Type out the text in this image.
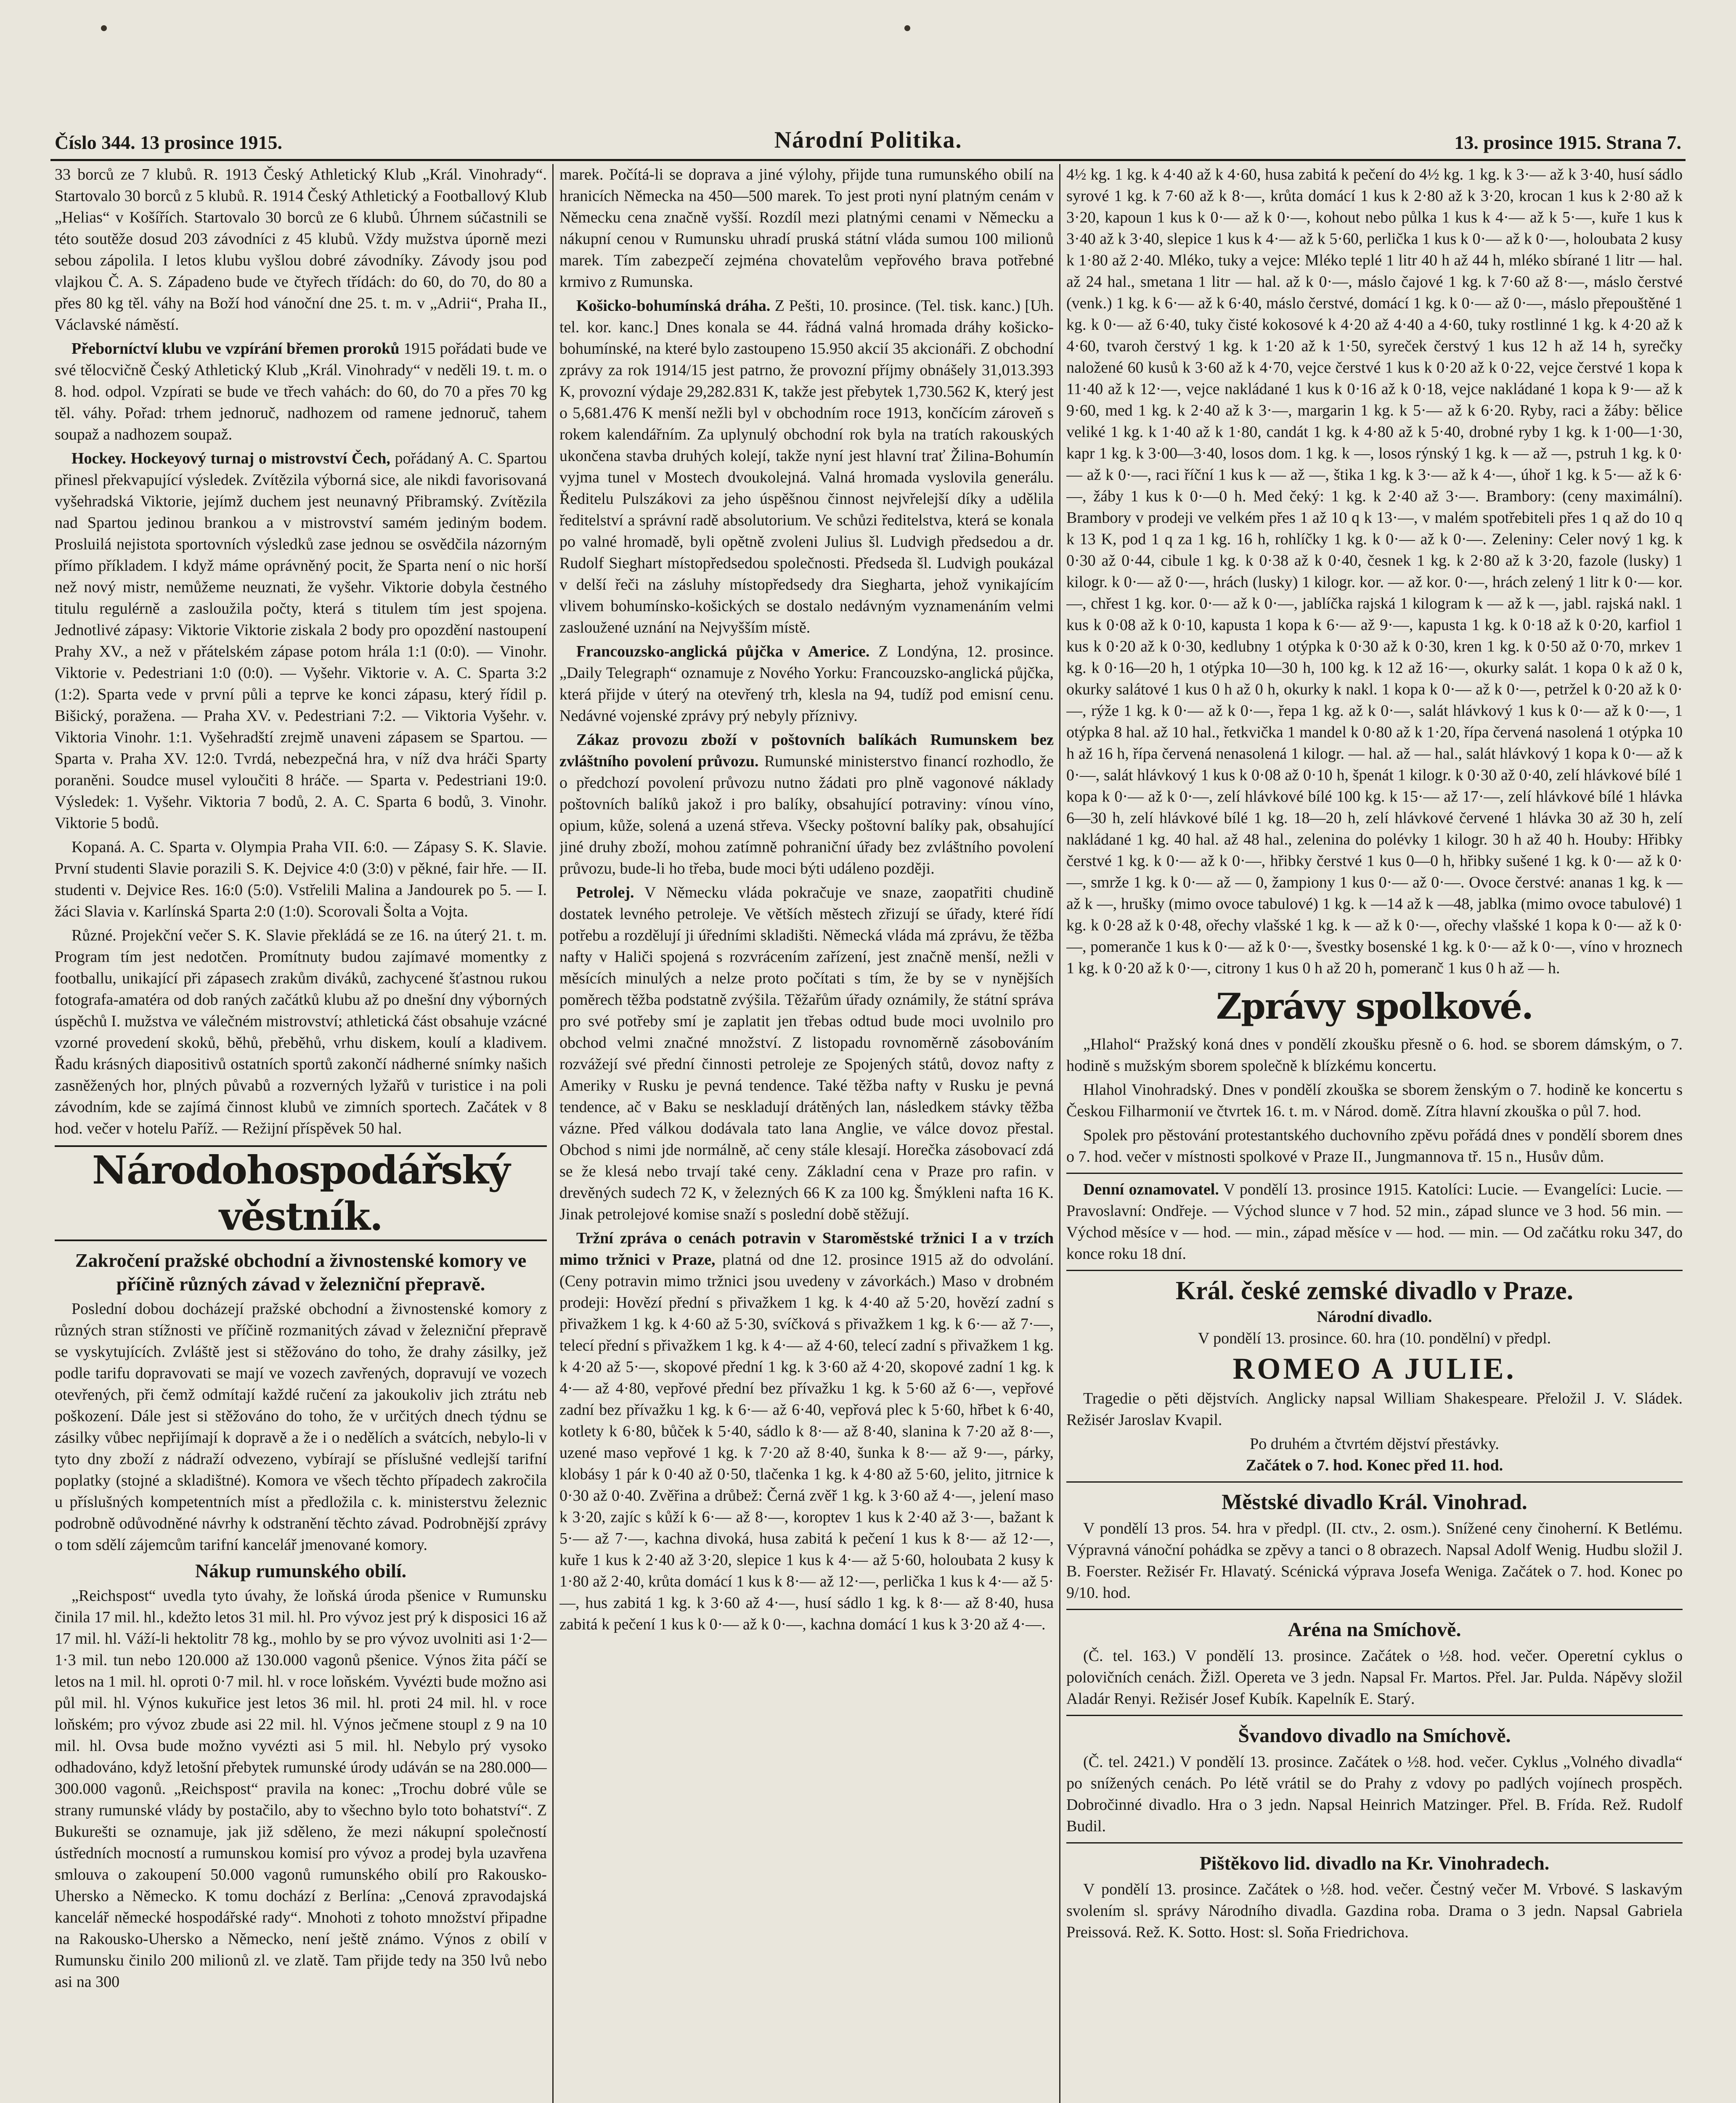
Číslo 344. 13 prosince 1915.	Národní Politika.	13. prosince 1915. Strana 7.

33 borců ze 7 klubů. R. 1913 Český Athletický Klub „Král. Vinohrady“. Startovalo 30 borců z 5 klubů. R. 1914 Český Athletický a Footballový Klub „Helias“ v Košířích. Startovalo 30 borců ze 6 klubů. Úhrnem súčastnili se této soutěže dosud 203 závodníci z 45 klubů. Vždy mužstva úporně mezi sebou zápolila. I letos klubu vyšlou dobré závodníky. Závody jsou pod vlajkou Č. A. S. Západeno bude ve čtyřech třídách: do 60, do 70, do 80 a přes 80 kg těl. váhy na Boží hod vánoční dne 25. t. m. v „Adrii“, Praha II., Václavské náměstí.

Přeborníctví klubu ve vzpírání břemen proroků 1915 pořádati bude ve své tělocvičně Český Athletický Klub „Král. Vinohrady“ v neděli 19. t. m. o 8. hod. odpol. Vzpírati se bude ve třech vahách: do 60, do 70 a přes 70 kg těl. váhy. Pořad: trhem jednoruč, nadhozem od ramene jednoruč, tahem soupaž a nadhozem soupaž.

Hockey. Hockeyový turnaj o mistrovství Čech, pořádaný A. C. Spartou přinesl překvapující výsledek. Zvítězila výborná sice, ale nikdi favorisovaná vyšehradská Viktorie, jejímž duchem jest neunavný Přibramský. Zvítězila nad Spartou jedinou brankou a v mistrovství samém jediným bodem. Prosluilá nejistota sportovních výsledků zase jednou se osvědčila názorným přímo příkladem. I když máme oprávněný pocit, že Sparta není o nic horší než nový mistr, nemůžeme neuznati, že vyšehr. Viktorie dobyla čestného titulu regulérně a zasloužila počty, která s titulem tím jest spojena. Jednotlivé zápasy: Viktorie Viktorie ziskala 2 body pro opozdění nastoupení Prahy XV., a než v přátelském zápase potom hrála 1:1 (0:0). — Vinohr. Viktorie v. Pedestriani 1:0 (0:0). — Vyšehr. Viktorie v. A. C. Sparta 3:2 (1:2). Sparta vede v první půli a teprve ke konci zápasu, který řídil p. Bišický, poražena. — Praha XV. v. Pedestriani 7:2. — Viktoria Vyšehr. v. Viktoria Vinohr. 1:1. Vyšehradští zrejmě unaveni zápasem se Spartou. — Sparta v. Praha XV. 12:0. Tvrdá, nebezpečná hra, v níž dva hráči Sparty poraněni. Soudce musel vyloučiti 8 hráče. — Sparta v. Pedestriani 19:0. Výsledek: 1. Vyšehr. Viktoria 7 bodů, 2. A. C. Sparta 6 bodů, 3. Vinohr. Viktorie 5 bodů.

Kopaná. A. C. Sparta v. Olympia Praha VII. 6:0. — Zápasy S. K. Slavie. První studenti Slavie porazili S. K. Dejvice 4:0 (3:0) v pěkné, fair hře. — II. studenti v. Dejvice Res. 16:0 (5:0). Vstřelili Malina a Jandourek po 5. — I. žáci Slavia v. Karlínská Sparta 2:0 (1:0). Scorovali Šolta a Vojta.

Různé. Projekční večer S. K. Slavie překládá se ze 16. na úterý 21. t. m. Program tím jest nedotčen. Promítnuty budou zajímavé momentky z footballu, unikající při zápasech zrakům diváků, zachycené šťastnou rukou fotografa-amatéra od dob raných začátků klubu až po dnešní dny výborných úspěchů I. mužstva ve válečném mistrovství; athletická část obsahuje vzácné vzorné provedení skoků, běhů, přeběhů, vrhu diskem, koulí a kladivem. Řadu krásných diapositivů ostatních sportů zakončí nádherné snímky našich zasněžených hor, plných půvabů a rozverných lyžařů v turistice i na poli závodním, kde se zajímá činnost klubů ve zimních sportech. Začátek v 8 hod. večer v hotelu Paříž. — Režijní příspěvek 50 hal.

Národohospodářský věstník.

Zakročení pražské obchodní a živnostenské komory ve příčině různých závad v železniční přepravě.

Poslední dobou docházejí pražské obchodní a živnostenské komory z různých stran stížnosti ve příčině rozmanitých závad v železniční přepravě se vyskytujících. Zvláště jest si stěžováno do toho, že drahy zásilky, jež podle tarifu dopravovati se mají ve vozech zavřených, dopravují ve vozech otevřených, při čemž odmítají každé ručení za jakoukoliv jich ztrátu neb poškození. Dále jest si stěžováno do toho, že v určitých dnech týdnu se zásilky vůbec nepřijímají k dopravě a že i o nedělích a svátcích, nebylo-li v tyto dny zboží z nádraží odvezeno, vybírají se příslušné vedlejší tarifní poplatky (stojné a skladištné). Komora ve všech těchto případech zakročila u příslušných kompetentních míst a předložila c. k. ministerstvu železnic podrobně odůvodněné návrhy k odstranění těchto závad. Podrobnější zprávy o tom sdělí zájemcům tarifní kancelář jmenované komory.

Nákup rumunského obilí.

„Reichspost“ uvedla tyto úvahy, že loňská úroda pšenice v Rumunsku činila 17 mil. hl., kdežto letos 31 mil. hl. Pro vývoz jest prý k disposici 16 až 17 mil. hl. Váží-li hektolitr 78 kg., mohlo by se pro vývoz uvolniti asi 1·2—1·3 mil. tun nebo 120.000 až 130.000 vagonů pšenice. Výnos žita páčí se letos na 1 mil. hl. oproti 0·7 mil. hl. v roce loňském. Vyvézti bude možno asi půl mil. hl. Výnos kukuřice jest letos 36 mil. hl. proti 24 mil. hl. v roce loňském; pro vývoz zbude asi 22 mil. hl. Výnos ječmene stoupl z 9 na 10 mil. hl. Ovsa bude možno vyvézti asi 5 mil. hl. Nebylo prý vysoko odhadováno, když letošní přebytek rumunské úrody udáván se na 280.000—300.000 vagonů. „Reichspost“ pravila na konec: „Trochu dobré vůle se strany rumunské vlády by postačilo, aby to všechno bylo toto bohatství“. Z Bukurešti se oznamuje, jak již sděleno, že mezi nákupní společností ústředních mocností a rumunskou komisí pro vývoz a prodej byla uzavřena smlouva o zakoupení 50.000 vagonů rumunského obilí pro Rakousko-Uhersko a Německo. K tomu dochází z Berlína: „Cenová zpravodajská kancelář německé hospodářské rady“. Mnohoti z tohoto množství připadne na Rakousko-Uhersko a Německo, není ještě známo. Výnos z obilí v Rumunsku činilo 200 milionů zl. ve zlatě. Tam přijde tedy na 350 lvů nebo asi na 300

marek. Počítá-li se doprava a jiné výlohy, přijde tuna rumunského obilí na hranicích Německa na 450—500 marek. To jest proti nyní platným cenám v Německu cena značně vyšší. Rozdíl mezi platnými cenami v Německu a nákupní cenou v Rumunsku uhradí pruská státní vláda sumou 100 milionů marek. Tím zabezpečí zejména chovatelům vepřového brava potřebné krmivo z Rumunska.

Košicko-bohumínská dráha. Z Pešti, 10. prosince. (Tel. tisk. kanc.) [Uh. tel. kor. kanc.] Dnes konala se 44. řádná valná hromada dráhy košicko-bohumínské, na které bylo zastoupeno 15.950 akcií 35 akcionáři. Z obchodní zprávy za rok 1914/15 jest patrno, že provozní příjmy obnášely 31,013.393 K, provozní výdaje 29,282.831 K, takže jest přebytek 1,730.562 K, který jest o 5,681.476 K menší nežli byl v obchodním roce 1913, končícím zároveň s rokem kalendářním. Za uplynulý obchodní rok byla na tratích rakouských ukončena stavba druhých kolejí, takže nyní jest hlavní trať Žilina-Bohumín vyjma tunel v Mostech dvoukolejná. Valná hromada vyslovila generálu. Ředitelu Pulszákovi za jeho úspěšnou činnost nejvřelejší díky a udělila ředitelství a správní radě absolutorium. Ve schůzi ředitelstva, která se konala po valné hromadě, byli opětně zvoleni Julius šl. Ludvigh předsedou a dr. Rudolf Sieghart místopředsedou společnosti. Předseda šl. Ludvigh poukázal v delší řeči na zásluhy místopředsedy dra Siegharta, jehož vynikajícím vlivem bohumínsko-košických se dostalo nedávným vyznamenáním velmi zasloužené uznání na Nejvyšším místě.

Francouzsko-anglická půjčka v Americe. Z Londýna, 12. prosince. „Daily Telegraph“ oznamuje z Nového Yorku: Francouzsko-anglická půjčka, která přijde v úterý na otevřený trh, klesla na 94, tudíž pod emisní cenu. Nedávné vojenské zprávy prý nebyly příznivy.

Zákaz provozu zboží v poštovních balíkách Rumunskem bez zvláštního povolení průvozu. Rumunské ministerstvo financí rozhodlo, že o předchozí povolení průvozu nutno žádati pro plně vagonové náklady poštovních balíků jakož i pro balíky, obsahující potraviny: vínou víno, opium, kůže, solená a uzená střeva. Všecky poštovní balíky pak, obsahující jiné druhy zboží, mohou zatímně pohraniční úřady bez zvláštního povolení průvozu, bude-li ho třeba, bude moci býti událeno později.

Petrolej. V Německu vláda pokračuje ve snaze, zaopatřiti chudině dostatek levného petroleje. Ve větších městech zřizují se úřady, které řídí potřebu a rozdělují ji úředními skladišti. Německá vláda má zprávu, že těžba nafty v Haliči spojená s rozvrácením zařízení, jest značně menší, nežli v měsících minulých a nelze proto počítati s tím, že by se v nynějších poměrech těžba podstatně zvýšila. Těžařům úřady oznámily, že státní správa pro své potřeby smí je zaplatit jen třebas odtud bude moci uvolnilo pro obchod velmi značné množství. Z listopadu rovnoměrně zásobováním rozvážejí své přední činnosti petroleje ze Spojených států, dovoz nafty z Ameriky v Rusku je pevná tendence. Také těžba nafty v Rusku je pevná tendence, ač v Baku se neskladují drátěných lan, následkem stávky těžba vázne. Před válkou dodávala tato lana Anglie, ve válce dovoz přestal. Obchod s nimi jde normálně, ač ceny stále klesají. Horečka zásobovací zdá se že klesá nebo trvají také ceny. Základní cena v Praze pro rafin. v drevěných sudech 72 K, v železných 66 K za 100 kg. Šmýkleni nafta 16 K. Jinak petrolejové komise snaží s poslední době stěžují.

Tržní zpráva o cenách potravin v Staroměstské tržnici I a v trzích mimo tržnici v Praze, platná od dne 12. prosince 1915 až do odvolání. (Ceny potravin mimo tržnici jsou uvedeny v závorkách.) Maso v drobném prodeji: Hovězí přední s přivažkem 1 kg. k 4·40 až 5·20, hovězí zadní s přivažkem 1 kg. k 4·60 až 5·30, svíčková s přivažkem 1 kg. k 6·— až 7·—, telecí přední s přivažkem 1 kg. k 4·— až 4·60, telecí zadní s přivažkem 1 kg. k 4·20 až 5·—, skopové přední 1 kg. k 3·60 až 4·20, skopové zadní 1 kg. k 4·— až 4·80, vepřové přední bez přívažku 1 kg. k 5·60 až 6·—, vepřové zadní bez přívažku 1 kg. k 6·— až 6·40, vepřová plec k 5·60, hřbet k 6·40, kotlety k 6·80, bůček k 5·40, sádlo k 8·— až 8·40, slanina k 7·20 až 8·—, uzené maso vepřové 1 kg. k 7·20 až 8·40, šunka k 8·— až 9·—, párky, klobásy 1 pár k 0·40 až 0·50, tlačenka 1 kg. k 4·80 až 5·60, jelito, jitrnice k 0·30 až 0·40. Zvěřina a drůbež: Černá zvěř 1 kg. k 3·60 až 4·—, jelení maso k 3·20, zajíc s kůží k 6·— až 8·—, koroptev 1 kus k 2·40 až 3·—, bažant k 5·— až 7·—, kachna divoká, husa zabitá k pečení 1 kus k 8·— až 12·—, kuře 1 kus k 2·40 až 3·20, slepice 1 kus k 4·— až 5·60, holoubata 2 kusy k 1·80 až 2·40, krůta domácí 1 kus k 8·— až 12·—, perlička 1 kus k 4·— až 5·—, hus zabitá 1 kg. k 3·60 až 4·—, husí sádlo 1 kg. k 8·— až 8·40, husa zabitá k pečení 1 kus k 0·— až k 0·—, kachna domácí 1 kus k 3·20 až 4·—.

4½ kg. 1 kg. k 4·40 až k 4·60, husa zabitá k pečení do 4½ kg. 1 kg. k 3·— až k 3·40, husí sádlo syrové 1 kg. k 7·60 až k 8·—, krůta domácí 1 kus k 2·80 až k 3·20, krocan 1 kus k 2·80 až k 3·20, kapoun 1 kus k 0·— až k 0·—, kohout nebo půlka 1 kus k 4·— až k 5·—, kuře 1 kus k 3·40 až k 3·40, slepice 1 kus k 4·— až k 5·60, perlička 1 kus k 0·— až k 0·—, holoubata 2 kusy k 1·80 až 2·40. Mléko, tuky a vejce: Mléko teplé 1 litr 40 h až 44 h, mléko sbírané 1 litr — hal. až 24 hal., smetana 1 litr — hal. až k 0·—, máslo čajové 1 kg. k 7·60 až 8·—, máslo čerstvé (venk.) 1 kg. k 6·— až k 6·40, máslo čerstvé, domácí 1 kg. k 0·— až 0·—, máslo přepouštěné 1 kg. k 0·— až 6·40, tuky čisté kokosové k 4·20 až 4·40 a 4·60, tuky rostlinné 1 kg. k 4·20 až k 4·60, tvaroh čerstvý 1 kg. k 1·20 až k 1·50, syreček čerstvý 1 kus 12 h až 14 h, syrečky naložené 60 kusů k 3·60 až k 4·70, vejce čerstvé 1 kus k 0·20 až k 0·22, vejce čerstvé 1 kopa k 11·40 až k 12·—, vejce nakládané 1 kus k 0·16 až k 0·18, vejce nakládané 1 kopa k 9·— až k 9·60, med 1 kg. k 2·40 až k 3·—, margarin 1 kg. k 5·— až k 6·20. Ryby, raci a žáby: bělice veliké 1 kg. k 1·40 až k 1·80, candát 1 kg. k 4·80 až k 5·40, drobné ryby 1 kg. k 1·00—1·30, kapr 1 kg. k 3·00—3·40, losos dom. 1 kg. k —, losos rýnský 1 kg. k — až —, pstruh 1 kg. k 0·— až k 0·—, raci říční 1 kus k — až —, štika 1 kg. k 3·— až k 4·—, úhoř 1 kg. k 5·— až k 6·—, žáby 1 kus k 0·—0 h. Med čeký: 1 kg. k 2·40 až 3·—. Brambory: (ceny maximální). Brambory v prodeji ve velkém přes 1 až 10 q k 13·—, v malém spotřebiteli přes 1 q až do 10 q k 13 K, pod 1 q za 1 kg. 16 h, rohlíčky 1 kg. k 0·— až k 0·—. Zeleniny: Celer nový 1 kg. k 0·30 až 0·44, cibule 1 kg. k 0·38 až k 0·40, česnek 1 kg. k 2·80 až k 3·20, fazole (lusky) 1 kilogr. k 0·— až 0·—, hrách (lusky) 1 kilogr. kor. — až kor. 0·—, hrách zelený 1 litr k 0·— kor. —, chřest 1 kg. kor. 0·— až k 0·—, jablíčka rajská 1 kilogram k — až k —, jabl. rajská nakl. 1 kus k 0·08 až k 0·10, kapusta 1 kopa k 6·— až 9·—, kapusta 1 kg. k 0·18 až k 0·20, karfiol 1 kus k 0·20 až k 0·30, kedlubny 1 otýpka k 0·30 až k 0·30, kren 1 kg. k 0·50 až 0·70, mrkev 1 kg. k 0·16—20 h, 1 otýpka 10—30 h, 100 kg. k 12 až 16·—, okurky salát. 1 kopa 0 k až 0 k, okurky salátové 1 kus 0 h až 0 h, okurky k nakl. 1 kopa k 0·— až k 0·—, petržel k 0·20 až k 0·—, rýže 1 kg. k 0·— až k 0·—, řepa 1 kg. až k 0·—, salát hlávkový 1 kus k 0·— až k 0·—, 1 otýpka 8 hal. až 10 hal., řetkvička 1 mandel k 0·80 až k 1·20, řípa červená nasolená 1 otýpka 10 h až 16 h, řípa červená nenasolená 1 kilogr. — hal. až — hal., salát hlávkový 1 kopa k 0·— až k 0·—, salát hlávkový 1 kus k 0·08 až 0·10 h, špenát 1 kilogr. k 0·30 až 0·40, zelí hlávkové bílé 1 kopa k 0·— až k 0·—, zelí hlávkové bílé 100 kg. k 15·— až 17·—, zelí hlávkové bílé 1 hlávka 6—30 h, zelí hlávkové bílé 1 kg. 18—20 h, zelí hlávkové červené 1 hlávka 30 až 30 h, zelí nakládané 1 kg. 40 hal. až 48 hal., zelenina do polévky 1 kilogr. 30 h až 40 h. Houby: Hřibky čerstvé 1 kg. k 0·— až k 0·—, hřibky čerstvé 1 kus 0—0 h, hřibky sušené 1 kg. k 0·— až k 0·—, smrže 1 kg. k 0·— až — 0, žampiony 1 kus 0·— až 0·—. Ovoce čerstvé: ananas 1 kg. k — až k —, hrušky (mimo ovoce tabulové) 1 kg. k —14 až k —48, jablka (mimo ovoce tabulové) 1 kg. k 0·28 až k 0·48, ořechy vlašské 1 kg. k — až k 0·—, ořechy vlašské 1 kopa k 0·— až k 0·—, pomeranče 1 kus k 0·— až k 0·—, švestky bosenské 1 kg. k 0·— až k 0·—, víno v hroznech 1 kg. k 0·20 až k 0·—, citrony 1 kus 0 h až 20 h, pomeranč 1 kus 0 h až — h.

Zprávy spolkové.

„Hlahol“ Pražský koná dnes v pondělí zkoušku přesně o 6. hod. se sborem dámským, o 7. hodině s mužským sborem společně k blízkému koncertu.

Hlahol Vinohradský. Dnes v pondělí zkouška se sborem ženským o 7. hodině ke koncertu s Českou Filharmonií ve čtvrtek 16. t. m. v Národ. domě. Zítra hlavní zkouška o půl 7. hod.

Spolek pro pěstování protestantského duchovního zpěvu pořádá dnes v pondělí sborem dnes o 7. hod. večer v místnosti spolkové v Praze II., Jungmannova tř. 15 n., Husův dům.

Denní oznamovatel. V pondělí 13. prosince 1915. Katolíci: Lucie. — Evangelíci: Lucie. — Pravoslavní: Ondřeje. — Východ slunce v 7 hod. 52 min., západ slunce ve 3 hod. 56 min. — Východ měsíce v — hod. — min., západ měsíce v — hod. — min. — Od začátku roku 347, do konce roku 18 dní.

Král. české zemské divadlo v Praze.

Národní divadlo.

V pondělí 13. prosince. 60. hra (10. pondělní) v předpl.

ROMEO A JULIE.

Tragedie o pěti dějstvích. Anglicky napsal William Shakespeare. Přeložil J. V. Sládek. Režisér Jaroslav Kvapil.

Po druhém a čtvrtém dějství přestávky.

Začátek o 7. hod. Konec před 11. hod.

Městské divadlo Král. Vinohrad.

V pondělí 13 pros. 54. hra v předpl. (II. ctv., 2. osm.). Snížené ceny činoherní. K Betlému. Výpravná vánoční pohádka se zpěvy a tanci o 8 obrazech. Napsal Adolf Wenig. Hudbu složil J. B. Foerster. Režisér Fr. Hlavatý. Scénická výprava Josefa Weniga. Začátek o 7. hod. Konec po 9/10. hod.

Aréna na Smíchově.

(Č. tel. 163.) V pondělí 13. prosince. Začátek o ½8. hod. večer. Operetní cyklus o polovičních cenách. Žižl. Opereta ve 3 jedn. Napsal Fr. Martos. Přel. Jar. Pulda. Nápěvy složil Aladár Renyi. Režisér Josef Kubík. Kapelník E. Starý.

Švandovo divadlo na Smíchově.

(Č. tel. 2421.) V pondělí 13. prosince. Začátek o ½8. hod. večer. Cyklus „Volného divadla“ po snížených cenách. Po létě vrátil se do Prahy z vdovy po padlých vojínech prospěch. Dobročinné divadlo. Hra o 3 jedn. Napsal Heinrich Matzinger. Přel. B. Frída. Rež. Rudolf Budil.

Pištěkovo lid. divadlo na Kr. Vinohradech.

V pondělí 13. prosince. Začátek o ½8. hod. večer. Čestný večer M. Vrbové. S laskavým svolením sl. správy Národního divadla. Gazdina roba. Drama o 3 jedn. Napsal Gabriela Preissová. Rež. K. Sotto. Host: sl. Soňa Friedrichova.
